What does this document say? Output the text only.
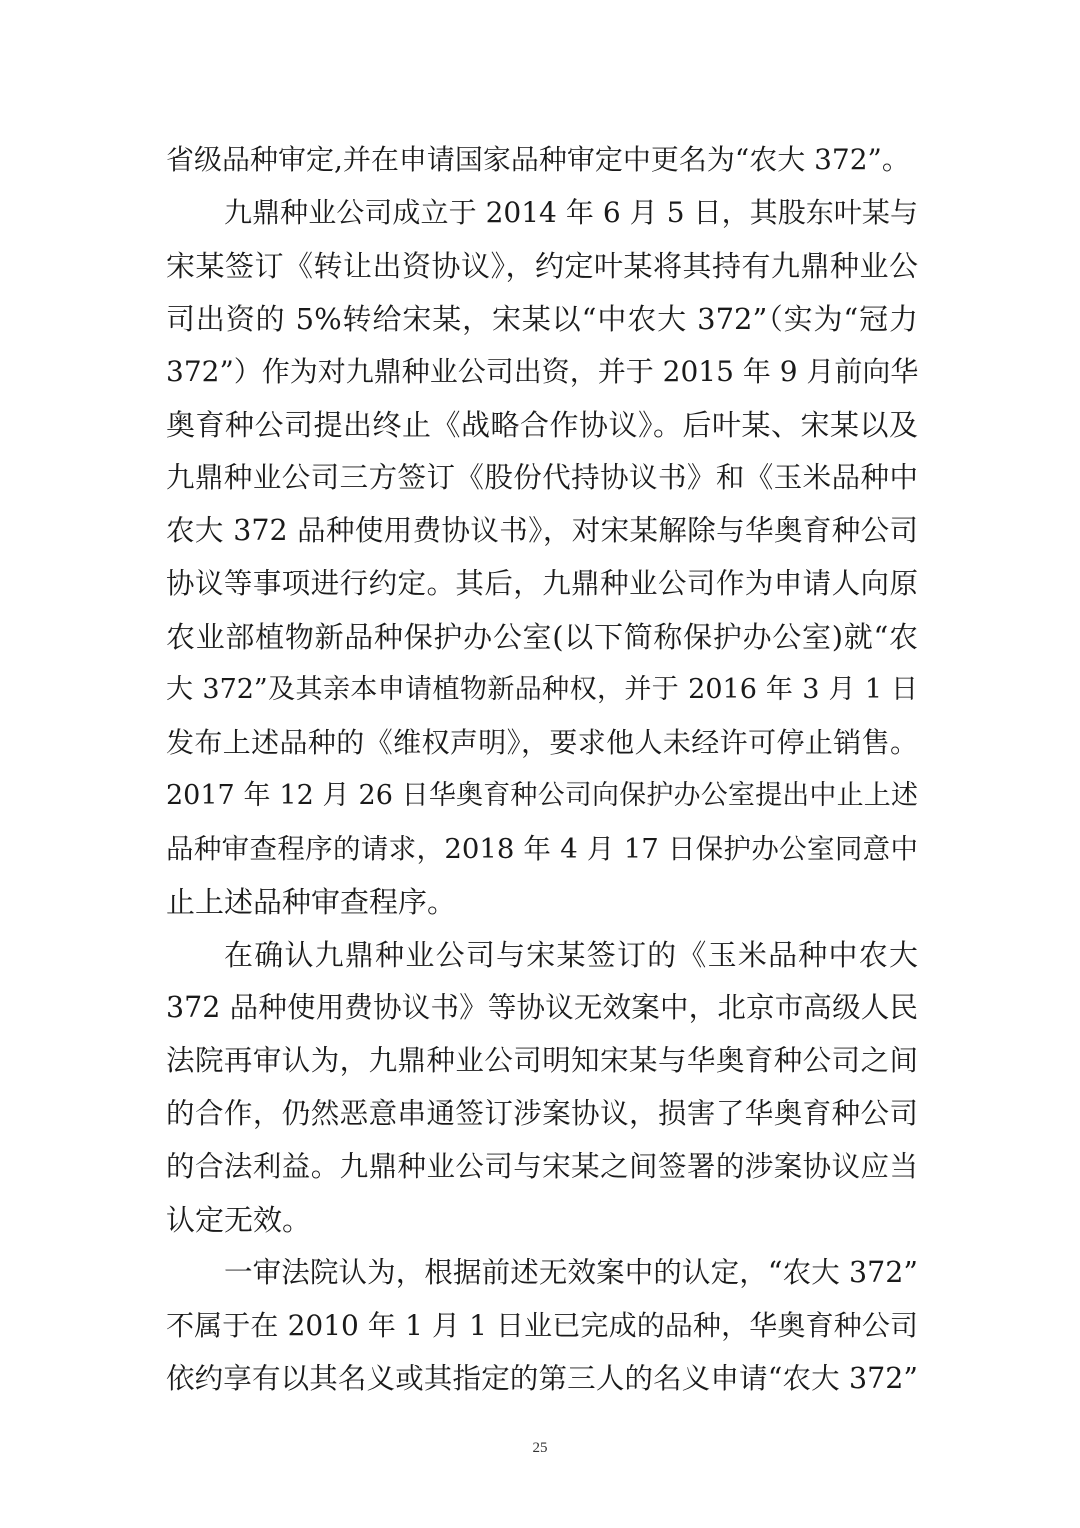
省级品种审定,并在申请国家品种审定中更名为“农大 372”。
九鼎种业公司成立于 2014 年 6 月 5 日，其股东叶某与
宋某签订《转让出资协议》，约定叶某将其持有九鼎种业公
司出资的 5%转给宋某，宋某以“中农大 372”（实为“冠力
372”）作为对九鼎种业公司出资，并于 2015 年 9 月前向华
奥育种公司提出终止《战略合作协议》。后叶某、宋某以及
九鼎种业公司三方签订《股份代持协议书》和《玉米品种中
农大 372 品种使用费协议书》，对宋某解除与华奥育种公司
协议等事项进行约定。其后，九鼎种业公司作为申请人向原
农业部植物新品种保护办公室(以下简称保护办公室)就“农
大 372”及其亲本申请植物新品种权，并于 2016 年 3 月 1 日
发布上述品种的《维权声明》，要求他人未经许可停止销售。
2017 年 12 月 26 日华奥育种公司向保护办公室提出中止上述
品种审查程序的请求，2018 年 4 月 17 日保护办公室同意中
止上述品种审查程序。
在确认九鼎种业公司与宋某签订的《玉米品种中农大
372 品种使用费协议书》等协议无效案中，北京市高级人民
法院再审认为，九鼎种业公司明知宋某与华奥育种公司之间
的合作，仍然恶意串通签订涉案协议，损害了华奥育种公司
的合法利益。九鼎种业公司与宋某之间签署的涉案协议应当
认定无效。
一审法院认为，根据前述无效案中的认定，“农大 372”
不属于在 2010 年 1 月 1 日业已完成的品种，华奥育种公司
依约享有以其名义或其指定的第三人的名义申请“农大 372”
25
